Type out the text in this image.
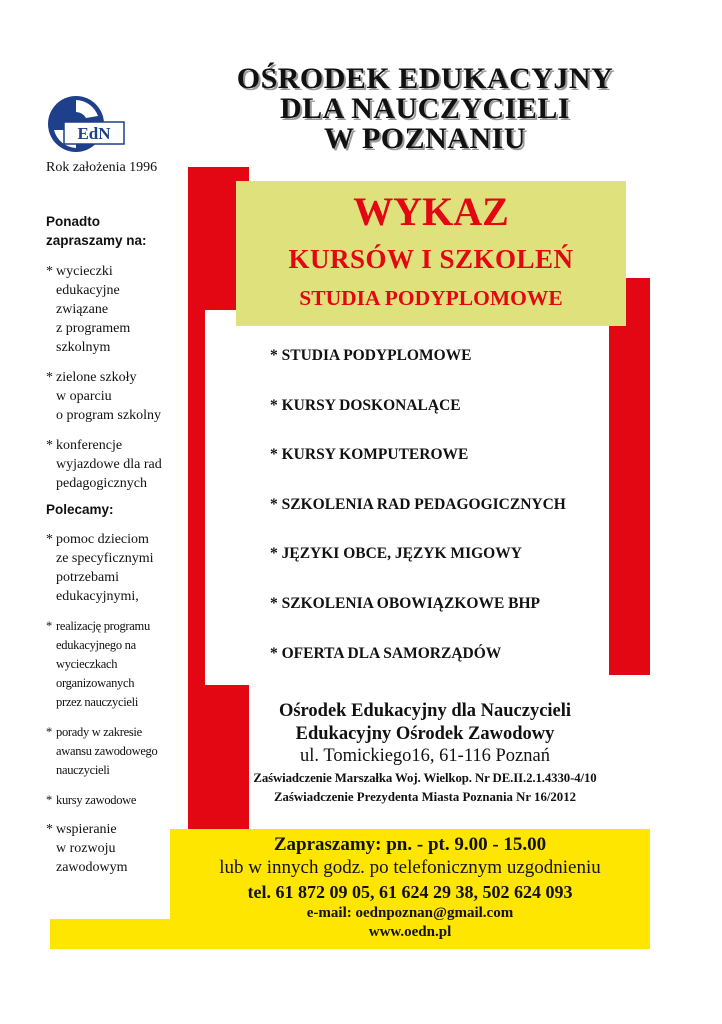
OŚRODEK EDUKACYJNY
DLA NAUCZYCIELI
W POZNANIU
EdN
Rok założenia 1996
Ponadto
zapraszamy na:
* wycieczki
edukacyjne
związane
z programem
szkolnym
* zielone szkoły
w oparciu
o program szkolny
* konferencje
wyjazdowe dla rad
pedagogicznych
Polecamy:
* pomoc dzieciom
ze specyficznymi
potrzebami
edukacyjnymi,
* realizację programu
edukacyjnego na
wycieczkach
organizowanych
przez nauczycieli
* porady w zakresie
awansu zawodowego
nauczycieli
* kursy zawodowe
* wspieranie
w rozwoju
zawodowym
WYKAZ
KURSÓW I SZKOLEŃ
STUDIA PODYPLOMOWE
* STUDIA PODYPLOMOWE
* KURSY DOSKONALĄCE
* KURSY KOMPUTEROWE
* SZKOLENIA RAD PEDAGOGICZNYCH
* JĘZYKI OBCE, JĘZYK MIGOWY
* SZKOLENIA OBOWIĄZKOWE BHP
* OFERTA DLA SAMORZĄDÓW
Ośrodek Edukacyjny dla Nauczycieli
Edukacyjny Ośrodek Zawodowy
ul. Tomickiego16, 61-116 Poznań
Zaświadczenie Marszałka Woj. Wielkop. Nr DE.II.2.1.4330-4/10
Zaświadczenie Prezydenta Miasta Poznania Nr 16/2012
Zapraszamy: pn. - pt. 9.00 - 15.00
lub w innych godz. po telefonicznym uzgodnieniu
tel. 61 872 09 05, 61 624 29 38, 502 624 093
e-mail: oednpoznan@gmail.com
www.oedn.pl
